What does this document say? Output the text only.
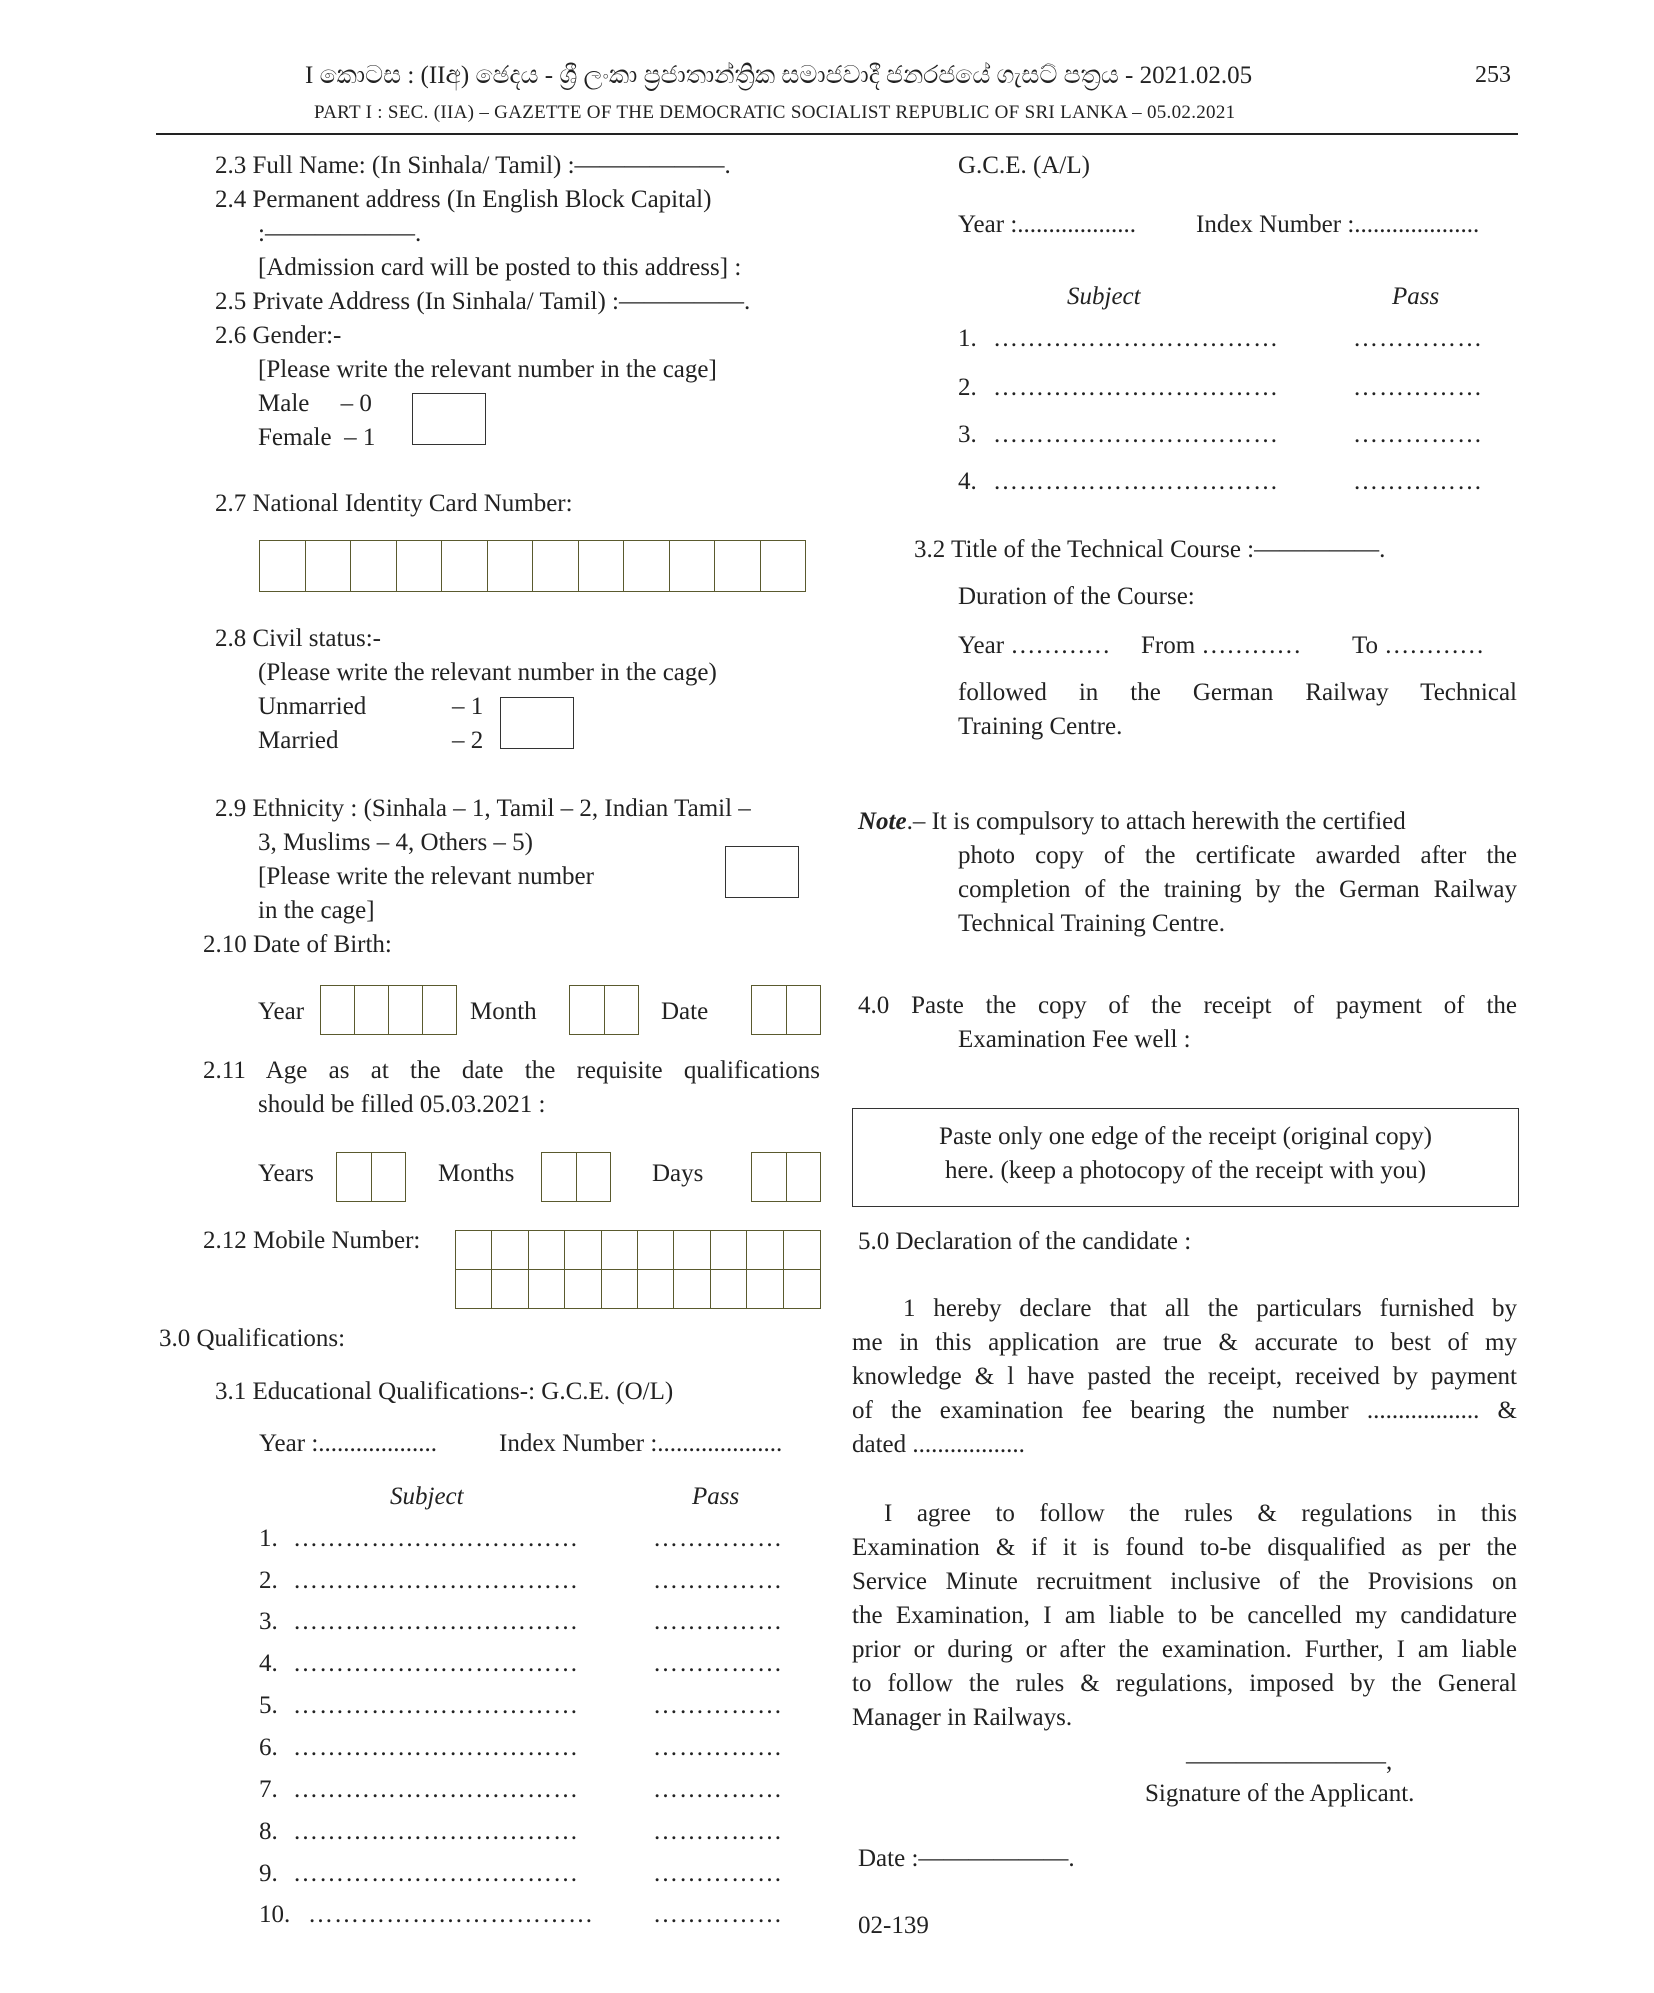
I කොටස : (IIඅ) ඡෙදය - ශ්‍රී ලංකා ප්‍රජාතාන්ත්‍රික සමාජවාදී ජනරජයේ ගැසට් පත්‍රය - 2021.02.05	253
PART I : SEC. (IIA) – GAZETTE OF THE DEMOCRATIC SOCIALIST REPUBLIC OF SRI LANKA – 05.02.2021
2.3 Full Name: (In Sinhala/ Tamil) :——————.
2.4 Permanent address (In English Block Capital)
:——————.
[Admission card will be posted to this address] :
2.5 Private Address (In Sinhala/ Tamil) :—————.
2.6 Gender:-
[Please write the relevant number in the cage]
Male     – 0
Female  – 1
2.7 National Identity Card Number:
2.8 Civil status:-
(Please write the relevant number in the cage)
Unmarried	– 1
Married	– 2
2.9 Ethnicity : (Sinhala – 1, Tamil – 2, Indian Tamil –
3, Muslims – 4, Others – 5)
[Please write the relevant number
in the cage]
2.10 Date of Birth:
Year	Month	Date
2.11 Age as at the date the requisite qualifications
should be filled 05.03.2021 :
Years	Months	Days
2.12 Mobile Number:
3.0 Qualifications:
3.1 Educational Qualifications-: G.C.E. (O/L)
Year :................... Index Number :....................
Subject	Pass
1. ……………………………	……………
2. ……………………………	……………
3. ……………………………	……………
4. ……………………………	……………
5. ……………………………	……………
6. ……………………………	……………
7. ……………………………	……………
8. ……………………………	……………
9. ……………………………	……………
10. …………………………… ……………
G.C.E. (A/L)
Year :................... Index Number :....................
Subject	Pass
1. ……………………………	……………
2. ……………………………	……………
3. ……………………………	……………
4. ……………………………	……………
3.2 Title of the Technical Course :—————.
Duration of the Course:
Year ………… From ………… To …………
followed in the German Railway Technical
Training Centre.
Note.– It is compulsory to attach herewith the certified
photo copy of the certificate awarded after the
completion of the training by the German Railway
Technical Training Centre.
4.0 Paste the copy of the receipt of payment of the
Examination Fee well :
Paste only one edge of the receipt (original copy)
here. (keep a photocopy of the receipt with you)
5.0 Declaration of the candidate :
1 hereby declare that all the particulars furnished by
me in this application are true & accurate to best of my
knowledge & l have pasted the receipt, received by payment
of the examination fee bearing the number .................. &
dated ..................
I agree to follow the rules & regulations in this
Examination & if it is found to-be disqualified as per the
Service Minute recruitment inclusive of the Provisions on
the Examination, I am liable to be cancelled my candidature
prior or during or after the examination. Further, I am liable
to follow the rules & regulations, imposed by the General
Manager in Railways.
————————,
Signature of the Applicant.
Date :——————.
02-139
